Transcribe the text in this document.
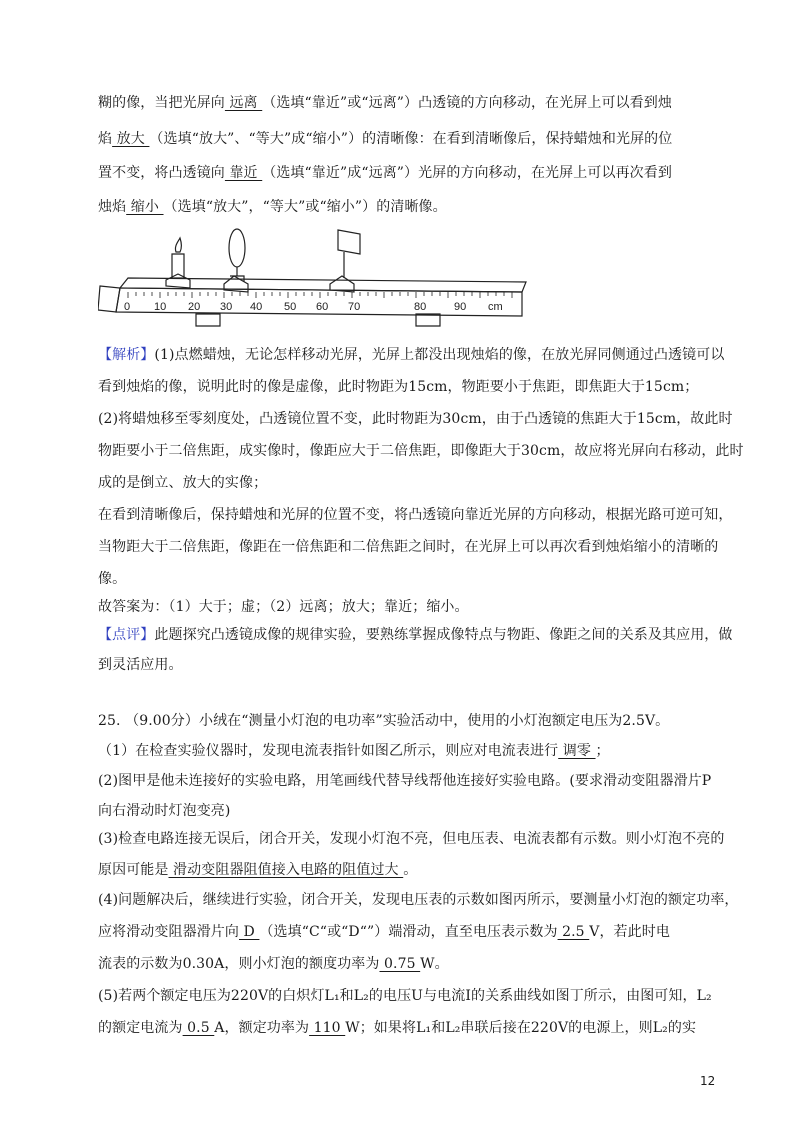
糊的像，当把光屏向 远离 （选填“靠近”或“远离”）凸透镜的方向移动，在光屏上可以看到烛
焰 放大 （选填“放大”、“等大”成“缩小”）的清晰像：在看到清晰像后，保持蜡烛和光屏的位
置不变，将凸透镜向 靠近 （选填“靠近”成“远离”）光屏的方向移动，在光屏上可以再次看到
烛焰 缩小 （选填“放大”，“等大”或“缩小”）的清晰像。
0 10 20 30 40 50 60 70	80	90 cm
【解析】(1)点燃蜡烛，无论怎样移动光屏，光屏上都没出现烛焰的像，在放光屏同侧通过凸透镜可以
看到烛焰的像，说明此时的像是虚像，此时物距为15cm，物距要小于焦距，即焦距大于15cm；
(2)将蜡烛移至零刻度处，凸透镜位置不变，此时物距为30cm，由于凸透镜的焦距大于15cm，故此时
物距要小于二倍焦距，成实像时，像距应大于二倍焦距，即像距大于30cm，故应将光屏向右移动，此时
成的是倒立、放大的实像；
在看到清晰像后，保持蜡烛和光屏的位置不变，将凸透镜向靠近光屏的方向移动，根据光路可逆可知，
当物距大于二倍焦距，像距在一倍焦距和二倍焦距之间时，在光屏上可以再次看到烛焰缩小的清晰的
像。
故答案为：（1）大于；虚；（2）远离；放大；靠近；缩小。
【点评】此题探究凸透镜成像的规律实验，要熟练掌握成像特点与物距、像距之间的关系及其应用，做
到灵活应用。
25. （9.00分）小绒在“测量小灯泡的电功率”实验活动中，使用的小灯泡额定电压为2.5V。
（1）在检查实验仪器时，发现电流表指针如图乙所示，则应对电流表进行 调零 ；
(2)图甲是他未连接好的实验电路，用笔画线代替导线帮他连接好实验电路。(要求滑动变阻器滑片P
向右滑动时灯泡变亮)
(3)检查电路连接无误后，闭合开关，发现小灯泡不亮，但电压表、电流表都有示数。则小灯泡不亮的
原因可能是 滑动变阻器阻值接入电路的阻值过大 。
(4)问题解决后，继续进行实验，闭合开关，发现电压表的示数如图丙所示，要测量小灯泡的额定功率，
应将滑动变阻器滑片向 D （选填“C“或“D“”）端滑动，直至电压表示数为 2.5 V，若此时电
流表的示数为0.30A，则小灯泡的额度功率为 0.75 W。
(5)若两个额定电压为220V的白炽灯L₁和L₂的电压U与电流I的关系曲线如图丁所示，由图可知，L₂
的额定电流为 0.5 A，额定功率为 110 W；如果将L₁和L₂串联后接在220V的电源上，则L₂的实
12
